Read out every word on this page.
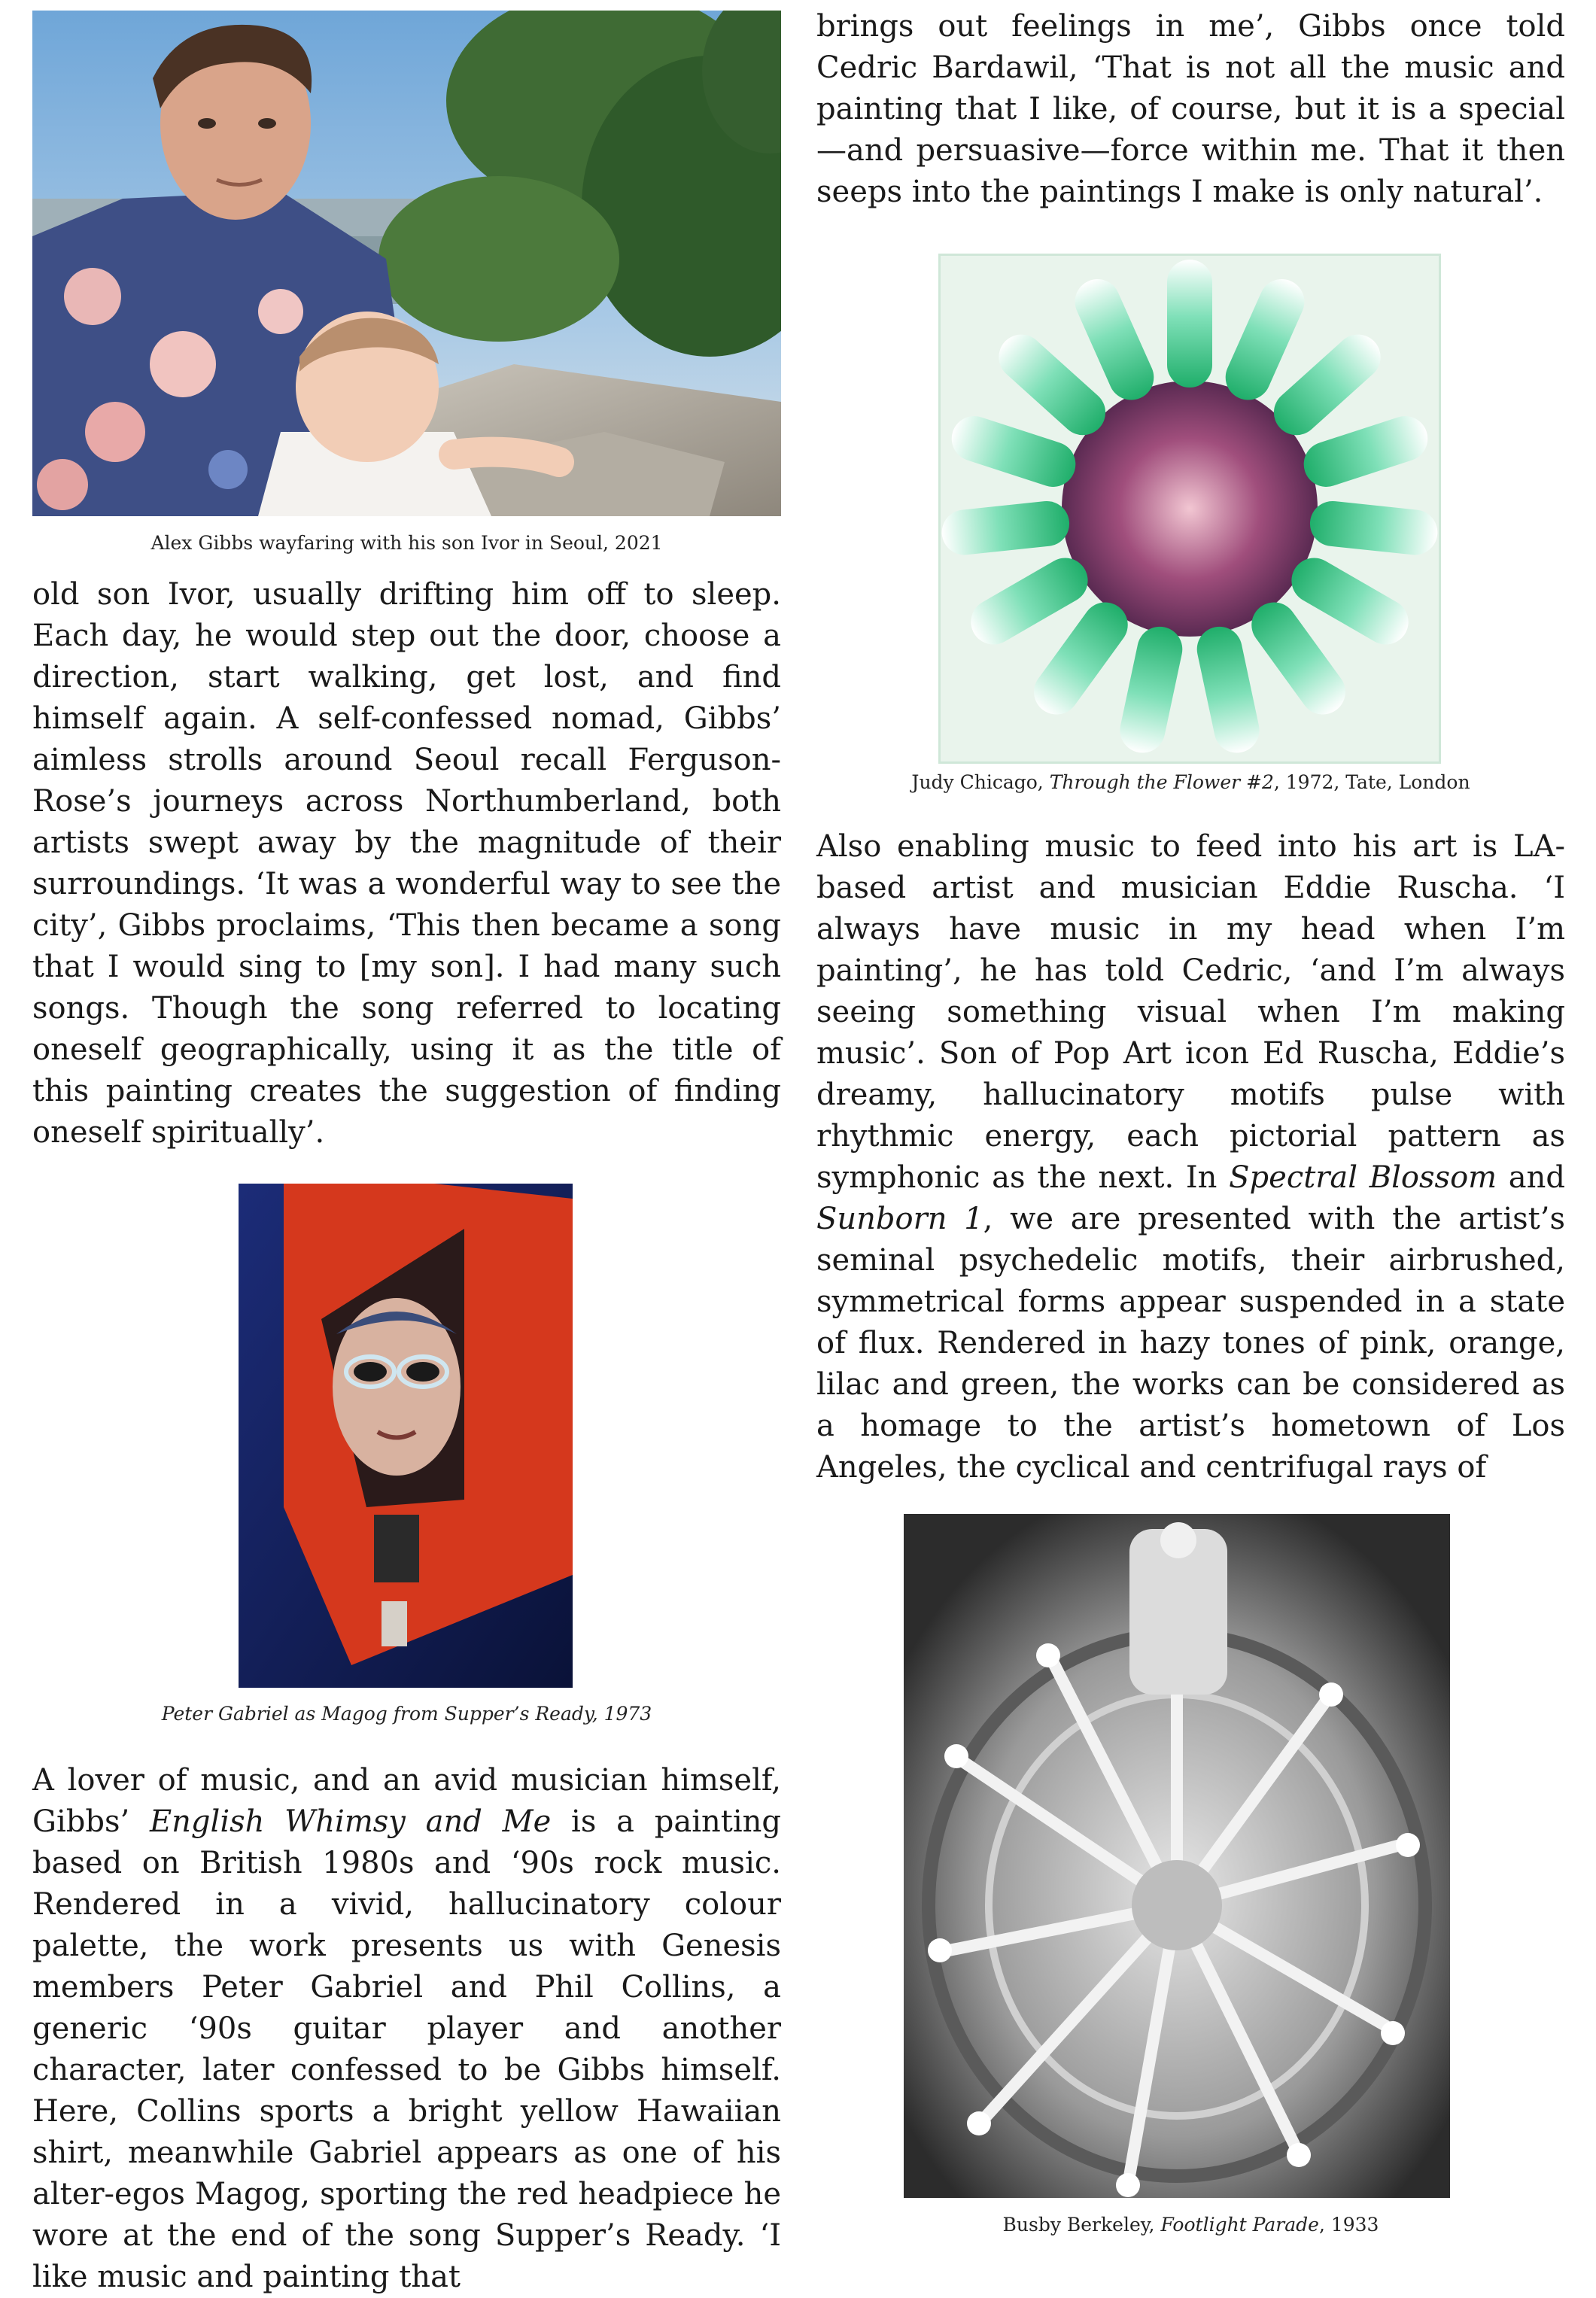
Alex Gibbs wayfaring with his son Ivor in Seoul, 2021

brings out feelings in me’, Gibbs once told Cedric Bardawil, ‘That is not all the music and painting that I like, of course, but it is a special—and persuasive—force within me. That it then seeps into the paintings I make is only natural’.

Judy Chicago, Through the Flower #2, 1972, Tate, London

old son Ivor, usually drifting him off to sleep. Each day, he would step out the door, choose a direction, start walking, get lost, and find himself again. A self-confessed nomad, Gibbs’ aimless strolls around Seoul recall Ferguson-Rose’s journeys across Northumberland, both artists swept away by the magnitude of their surroundings. ‘It was a wonderful way to see the city’, Gibbs proclaims, ‘This then became a song that I would sing to [my son]. I had many such songs. Though the song referred to locating oneself geographically, using it as the title of this painting creates the suggestion of finding oneself spiritually’.

Also enabling music to feed into his art is LA-based artist and musician Eddie Ruscha. ‘I always have music in my head when I’m painting’, he has told Cedric, ‘and I’m always seeing something visual when I’m making music’. Son of Pop Art icon Ed Ruscha, Eddie’s dreamy, hallucinatory motifs pulse with rhythmic energy, each pictorial pattern as symphonic as the next. In Spectral Blossom and Sunborn 1, we are presented with the artist’s seminal psychedelic motifs, their airbrushed, symmetrical forms appear suspended in a state of flux. Rendered in hazy tones of pink, orange, lilac and green, the works can be considered as a homage to the artist’s hometown of Los Angeles, the cyclical and centrifugal rays of

Peter Gabriel as Magog from Supper’s Ready, 1973

A lover of music, and an avid musician himself, Gibbs’ English Whimsy and Me is a painting based on British 1980s and ‘90s rock music. Rendered in a vivid, hallucinatory colour palette, the work presents us with Genesis members Peter Gabriel and Phil Collins, a generic ‘90s guitar player and another character, later confessed to be Gibbs himself. Here, Collins sports a bright yellow Hawaiian shirt, meanwhile Gabriel appears as one of his alter-egos Magog, sporting the red headpiece he wore at the end of the song Supper’s Ready. ‘I like music and painting that

Busby Berkeley, Footlight Parade, 1933
